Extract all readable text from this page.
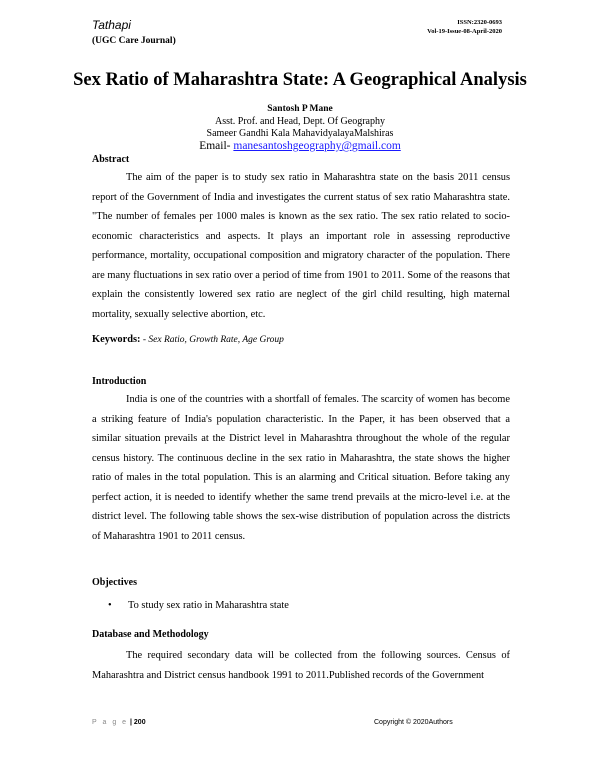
Tathapi
(UGC Care Journal)
ISSN:2320-0693
Vol-19-Issue-08-April-2020
Sex Ratio of Maharashtra State: A Geographical Analysis
Santosh P Mane
Asst. Prof. and Head, Dept. Of Geography
Sameer Gandhi Kala MahavidyalayaMalshiras
Email- manesantoshgeography@gmail.com
Abstract
The aim of the paper is to study sex ratio in Maharashtra state on the basis 2011 census report of the Government of India and investigates the current status of sex ratio Maharashtra state. "The number of females per 1000 males is known as the sex ratio. The sex ratio related to socio-economic characteristics and aspects. It plays an important role in assessing reproductive performance, mortality, occupational composition and migratory character of the population. There are many fluctuations in sex ratio over a period of time from 1901 to 2011. Some of the reasons that explain the consistently lowered sex ratio are neglect of the girl child resulting, high maternal mortality, sexually selective abortion, etc.
Keywords: - Sex Ratio, Growth Rate, Age Group
Introduction
India is one of the countries with a shortfall of females. The scarcity of women has become a striking feature of India's population characteristic. In the Paper, it has been observed that a similar situation prevails at the District level in Maharashtra throughout the whole of the regular census history. The continuous decline in the sex ratio in Maharashtra, the state shows the higher ratio of males in the total population. This is an alarming and Critical situation. Before taking any perfect action, it is needed to identify whether the same trend prevails at the micro-level i.e. at the district level. The following table shows the sex-wise distribution of population across the districts of Maharashtra 1901 to 2011 census.
Objectives
• To study sex ratio in Maharashtra state
Database and Methodology
The required secondary data will be collected from the following sources. Census of Maharashtra and District census handbook 1991 to 2011.Published records of the Government
P a g e | 200	Copyright © 2020Authors
